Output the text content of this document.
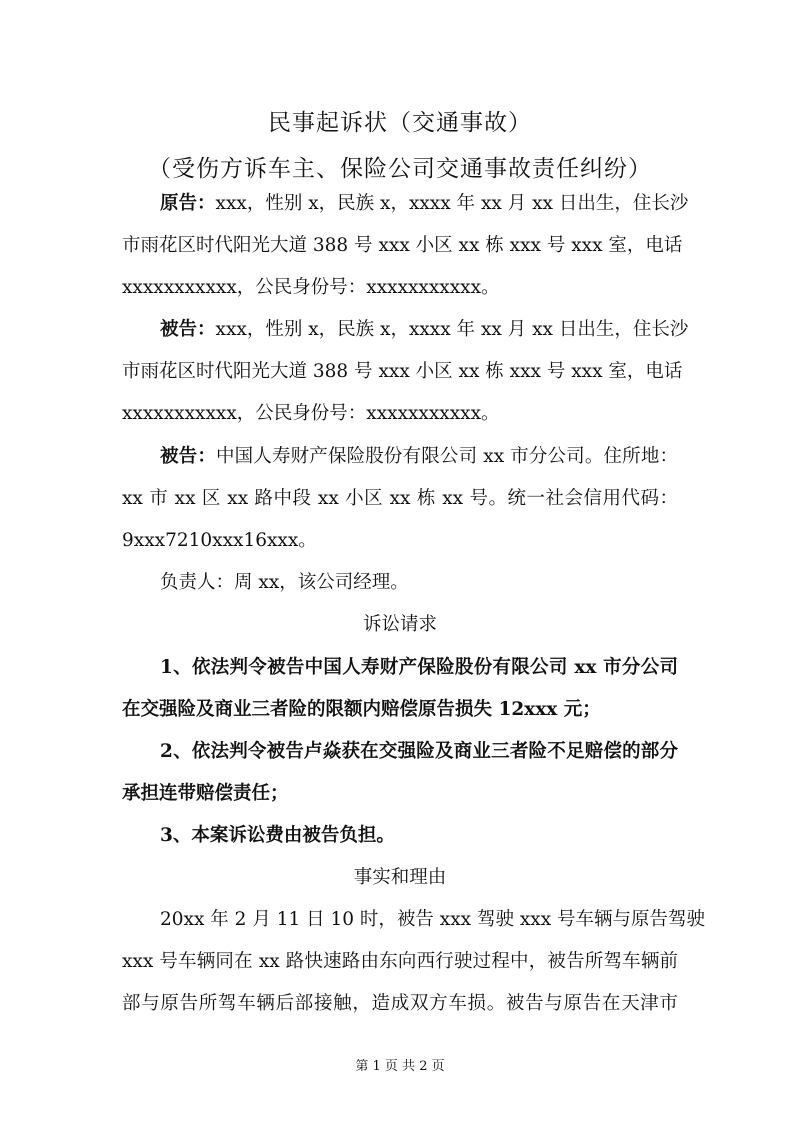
民事起诉状（交通事故）
（受伤方诉车主、保险公司交通事故责任纠纷）
原告：xxx，性别 x，民族 x，xxxx 年 xx 月 xx 日出生，住长沙
市雨花区时代阳光大道 388 号 xxx 小区 xx 栋 xxx 号 xxx 室，电话
xxxxxxxxxxx，公民身份号：xxxxxxxxxxx。
被告：xxx，性别 x，民族 x，xxxx 年 xx 月 xx 日出生，住长沙
市雨花区时代阳光大道 388 号 xxx 小区 xx 栋 xxx 号 xxx 室，电话
xxxxxxxxxxx，公民身份号：xxxxxxxxxxx。
被告：中国人寿财产保险股份有限公司 xx 市分公司。住所地：
xx 市 xx 区 xx 路中段 xx 小区 xx 栋 xx 号。统一社会信用代码：
9xxx7210xxx16xxx。
负责人：周 xx，该公司经理。
诉讼请求
1、依法判令被告中国人寿财产保险股份有限公司 xx 市分公司
在交强险及商业三者险的限额内赔偿原告损失 12xxx 元；
2、依法判令被告卢焱获在交强险及商业三者险不足赔偿的部分
承担连带赔偿责任；
3、本案诉讼费由被告负担。
事实和理由
20xx 年 2 月 11 日 10 时，被告 xxx 驾驶 xxx 号车辆与原告驾驶
xxx 号车辆同在 xx 路快速路由东向西行驶过程中，被告所驾车辆前
部与原告所驾车辆后部接触，造成双方车损。被告与原告在天津市
第 1 页 共 2 页
